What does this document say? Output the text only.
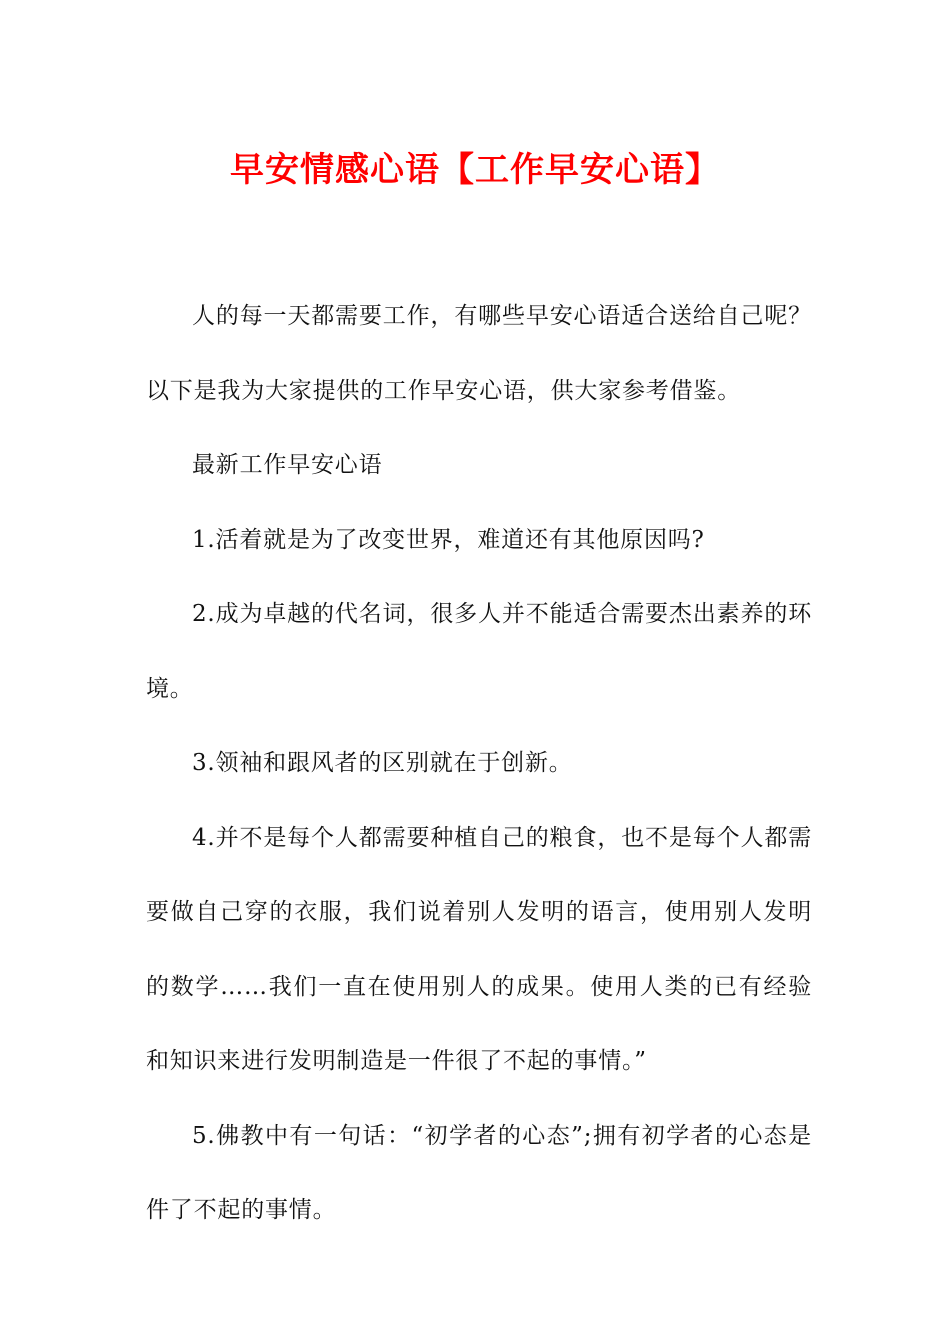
早安情感心语【工作早安心语】

人的每一天都需要工作，有哪些早安心语适合送给自己呢？以下是我为大家提供的工作早安心语，供大家参考借鉴。

最新工作早安心语

1.活着就是为了改变世界，难道还有其他原因吗?

2.成为卓越的代名词，很多人并不能适合需要杰出素养的环境。

3.领袖和跟风者的区别就在于创新。

4.并不是每个人都需要种植自己的粮食，也不是每个人都需要做自己穿的衣服，我们说着别人发明的语言，使用别人发明的数学……我们一直在使用别人的成果。使用人类的已有经验和知识来进行发明制造是一件很了不起的事情。”

5.佛教中有一句话：“初学者的心态”;拥有初学者的心态是件了不起的事情。
